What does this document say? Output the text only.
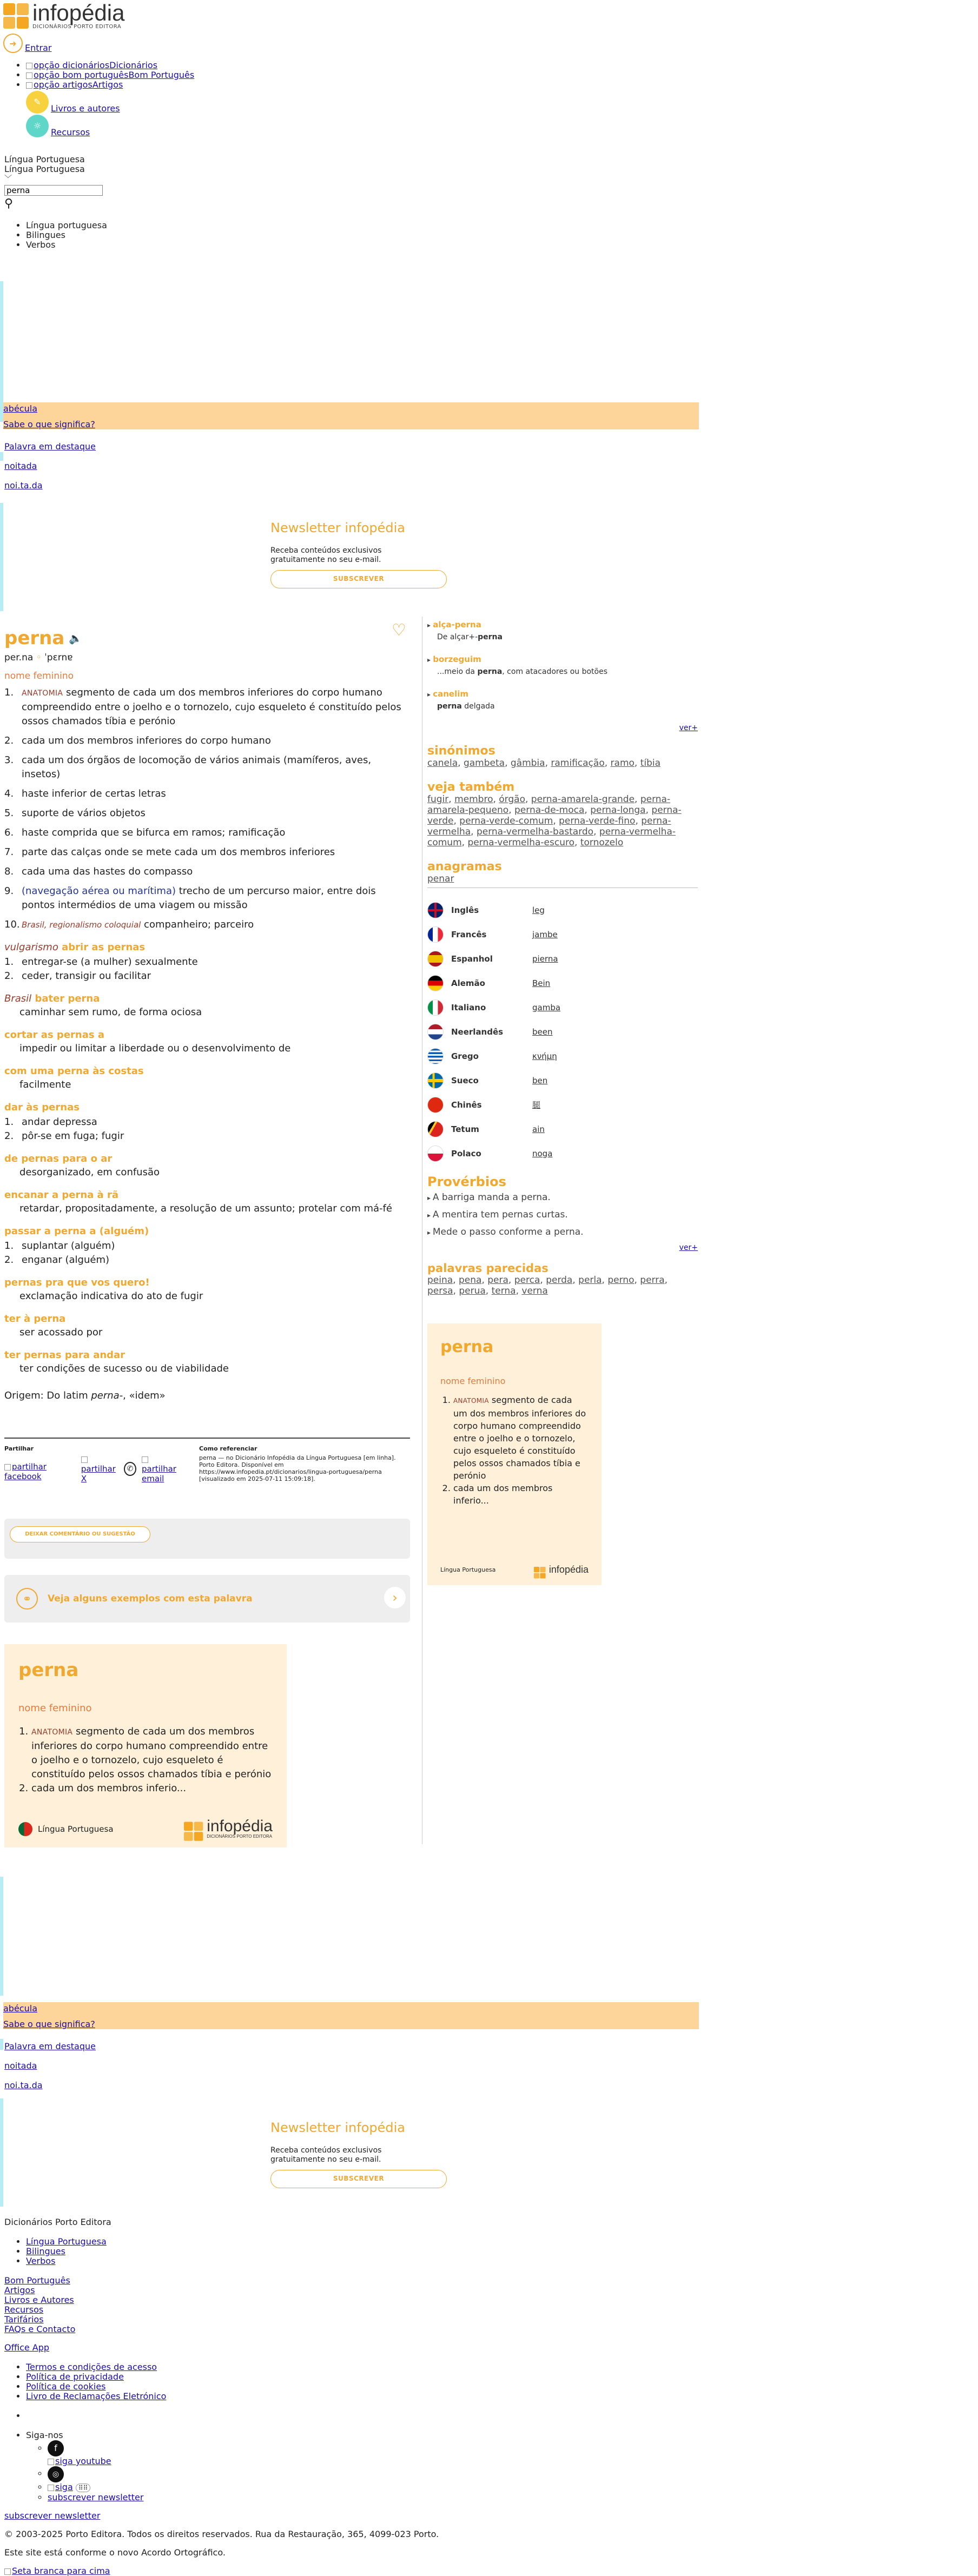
infopédia
DICIONÁRIOS PORTO EDITORA
➜ Entrar
• opção dicionáriosDicionários
• opção bom portuguêsBom Português
• opção artigosArtigos
✎
Livros e autores
☼
Recursos
Língua Portuguesa
Língua Portuguesa
﹀
perna
⚲
• Língua portuguesa
• Bilingues
• Verbos
abécula
Sabe o que significa?
Palavra em destaque
noitada
noi.ta.da
Newsletter infopédia

Receba conteúdos exclusivos gratuitamente no seu e-mail.

SUBSCREVER
perna 🔈	♡
per.na ◦ ˈpɛrnɐ
nome feminino
1.	ANATOMIA segmento de cada um dos membros inferiores do corpo humano compreendido entre o joelho e o tornozelo, cujo esqueleto é constituído pelos ossos chamados tíbia e perónio
2. cada um dos membros inferiores do corpo humano
3. cada um dos órgãos de locomoção de vários animais (mamíferos, aves, insetos)
4. haste inferior de certas letras
5. suporte de vários objetos
6. haste comprida que se bifurca em ramos; ramificação
7. parte das calças onde se mete cada um dos membros inferiores
8. cada uma das hastes do compasso
9. (navegação aérea ou marítima) trecho de um percurso maior, entre dois pontos intermédios de uma viagem ou missão
10. Brasil, regionalismo coloquial companheiro; parceiro
vulgarismo abrir as pernas
1. entregar-se (a mulher) sexualmente
2. ceder, transigir ou facilitar
Brasil bater perna
caminhar sem rumo, de forma ociosa
cortar as pernas a
impedir ou limitar a liberdade ou o desenvolvimento de
com uma perna às costas
facilmente
dar às pernas
1. andar depressa
2. pôr-se em fuga; fugir
de pernas para o ar
desorganizado, em confusão
encanar a perna à rã
retardar, propositadamente, a resolução de um assunto; protelar com má-fé
passar a perna a (alguém)
1. suplantar (alguém)
2. enganar (alguém)
pernas pra que vos quero!
exclamação indicativa do ato de fugir
ter à perna
ser acossado por
ter pernas para andar
ter condições de sucesso ou de viabilidade
Origem: Do latim perna-, «idem»
Partilhar
partilhar facebook

partilhar X
✆	partilhar email
Como referenciar
perna — no Dicionário Infopédia da Língua Portuguesa [em linha]. Porto Editora. Disponível em https://www.infopedia.pt/dicionarios/lingua-portuguesa/perna [visualizado em 2025-07-11 15:09:18].
DEIXAR COMENTÁRIO OU SUGESTÃO
⚭	Veja alguns exemplos com esta palavra	›
perna
nome feminino
1. ANATOMIA segmento de cada um dos membros inferiores do corpo humano compreendido entre o joelho e o tornozelo, cujo esqueleto é constituído pelos ossos chamados tíbia e perónio
2. cada um dos membros inferio...
Língua Portuguesa	infopédia
DICIONÁRIOS PORTO EDITORA
▸ alça-perna
De alçar+-perna
▸ borzeguim
...meio da perna, com atacadores ou botões
▸ canelim
perna delgada
ver+
sinónimos
canela, gambeta, gâmbia, ramificação, ramo, tíbia
veja também
fugir, membro, órgão, perna-amarela-grande, perna-amarela-pequeno, perna-de-moca, perna-longa, perna-verde, perna-verde-comum, perna-verde-fino, perna-vermelha, perna-vermelha-bastardo, perna-vermelha-comum, perna-vermelha-escuro, tornozelo
anagramas
penar
Inglês	leg
Francês	jambe
Espanhol	pierna
Alemão	Bein
Italiano	gamba
Neerlandês	been
Grego	κνήμη
Sueco	ben
Chinês	腿
Tetum	ain
Polaco	noga
Provérbios
▸ A barriga manda a perna.
▸ A mentira tem pernas curtas.
▸ Mede o passo conforme a perna.
ver+
palavras parecidas
peina, pena, pera, perca, perda, perla, perno, perra, persa, perua, terna, verna
perna
nome feminino
1. ANATOMIA segmento de cada um dos membros inferiores do corpo humano compreendido entre o joelho e o tornozelo, cujo esqueleto é constituído pelos ossos chamados tíbia e perónio
2. cada um dos membros inferio...
Língua Portuguesa	infopédia
abécula
Sabe o que significa?
Palavra em destaque
noitada
noi.ta.da
Newsletter infopédia

Receba conteúdos exclusivos gratuitamente no seu e-mail.

SUBSCREVER
Dicionários Porto Editora
• Língua Portuguesa
• Bilingues
• Verbos
Bom Português
Artigos
Livros e Autores
Recursos
Tarifários
FAQs e Contacto
Office App
• Termos e condições de acesso
• Política de privacidade
• Política de cookies
• Livro de Reclamações Eletrónico
•
• Siga-nos
◦ f
siga youtube
◦ ◎
◦ siga ⠿⠿
◦ subscrever newsletter
subscrever newsletter
© 2003-2025 Porto Editora. Todos os direitos reservados. Rua da Restauração, 365, 4099-023 Porto.
Este site está conforme o novo Acordo Ortográfico.
Seta branca para cima
